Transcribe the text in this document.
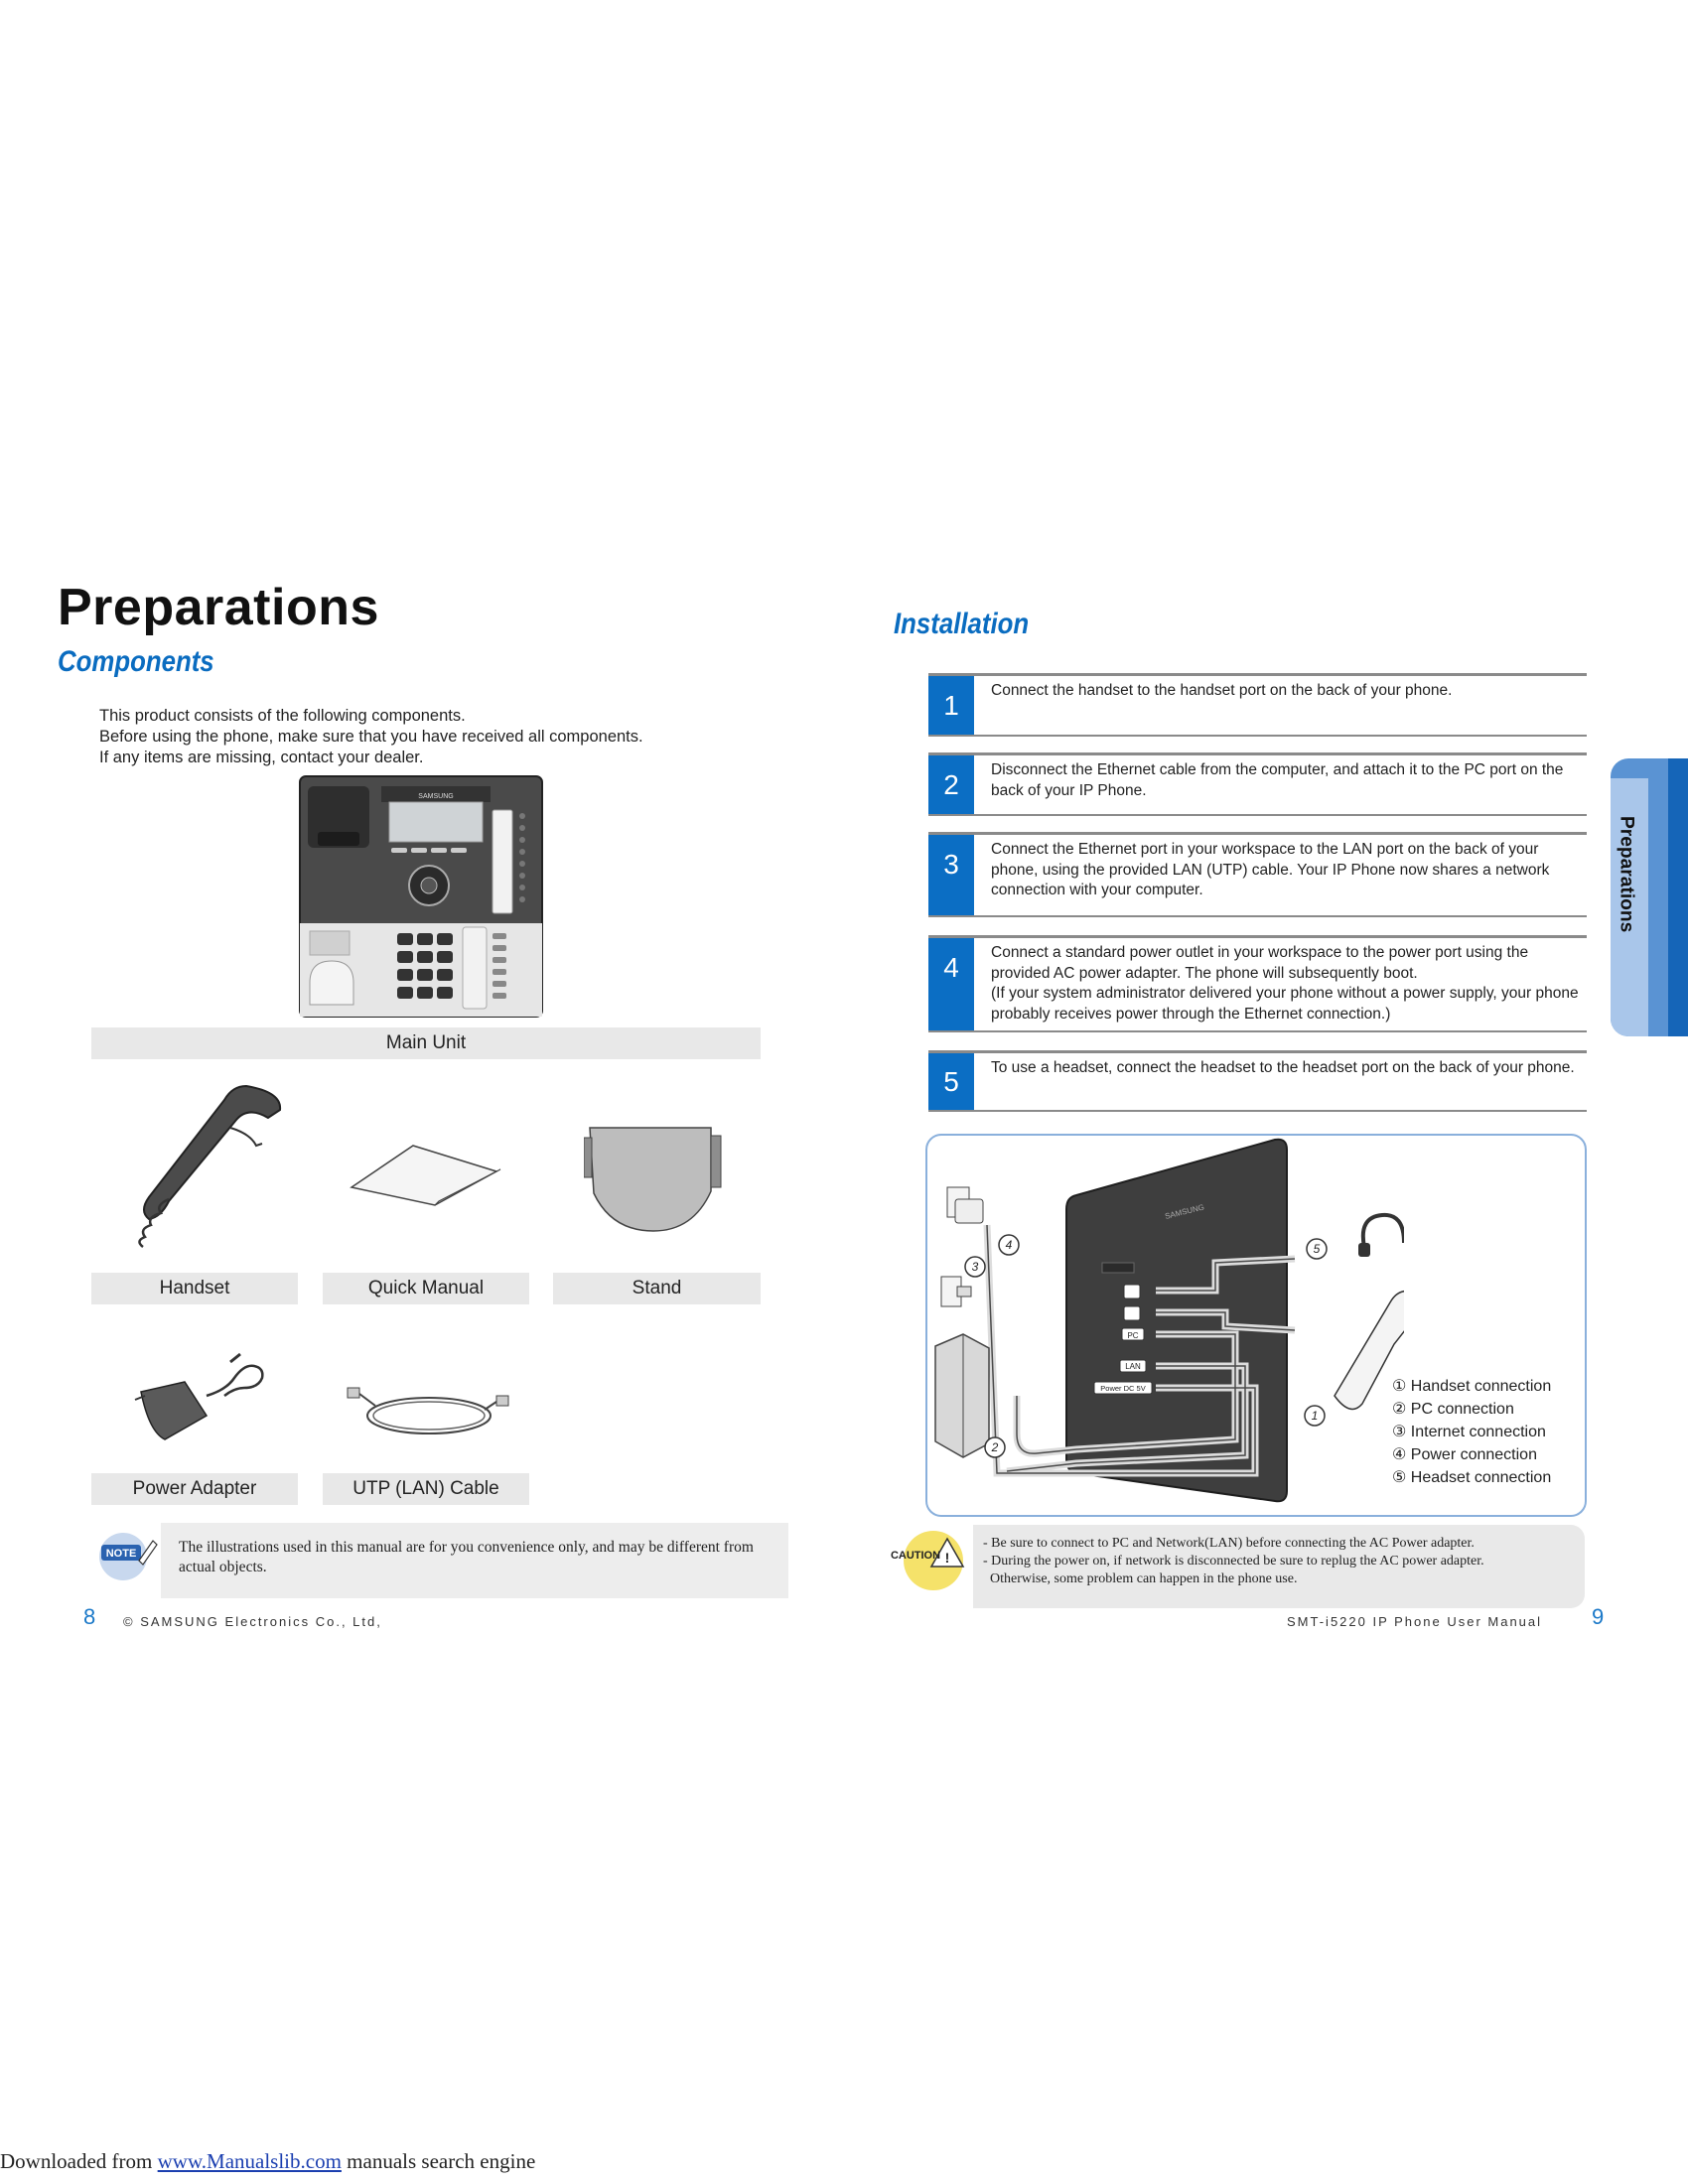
Preparations
Components
This product consists of the following components.
Before using the phone, make sure that you have received all components.
If any items are missing, contact your dealer.
SAMSUNG
Main Unit
Handset	Quick Manual	Stand
Power Adapter	UTP (LAN) Cable
NOTE	The illustrations used in this manual are for you convenience only, and may be different from actual objects.
8 © SAMSUNG Electronics Co., Ltd,
Installation
1	Connect the handset to the handset port on the back of your phone.
2	Disconnect the Ethernet cable from the computer, and attach it to the PC port on the back of your IP Phone.
3	Connect the Ethernet port in your workspace to the LAN port on the back of your phone, using the provided LAN (UTP) cable. Your IP Phone now shares a network connection with your computer.
4	Connect a standard power outlet in your workspace to the power port using the provided AC power adapter. The phone will subsequently boot.
(If your system administrator delivered your phone without a power supply, your phone probably receives power through the Ethernet connection.)
5	To use a headset, connect the headset to the headset port on the back of your phone.
SAMSUNG
PC
LAN
Power DC 5V
4
3
2
5
1
① Handset connection
② PC connection
③ Internet connection
④ Power connection
⑤ Headset connection
!
CAUTION
- Be sure to connect to PC and Network(LAN) before connecting the AC Power adapter.
- During the power on, if network is disconnected be sure to replug the AC power adapter.
Otherwise, some problem can happen in the phone use.
SMT-i5220 IP Phone User Manual 9
Preparations
Downloaded from www.Manualslib.com manuals search engine
